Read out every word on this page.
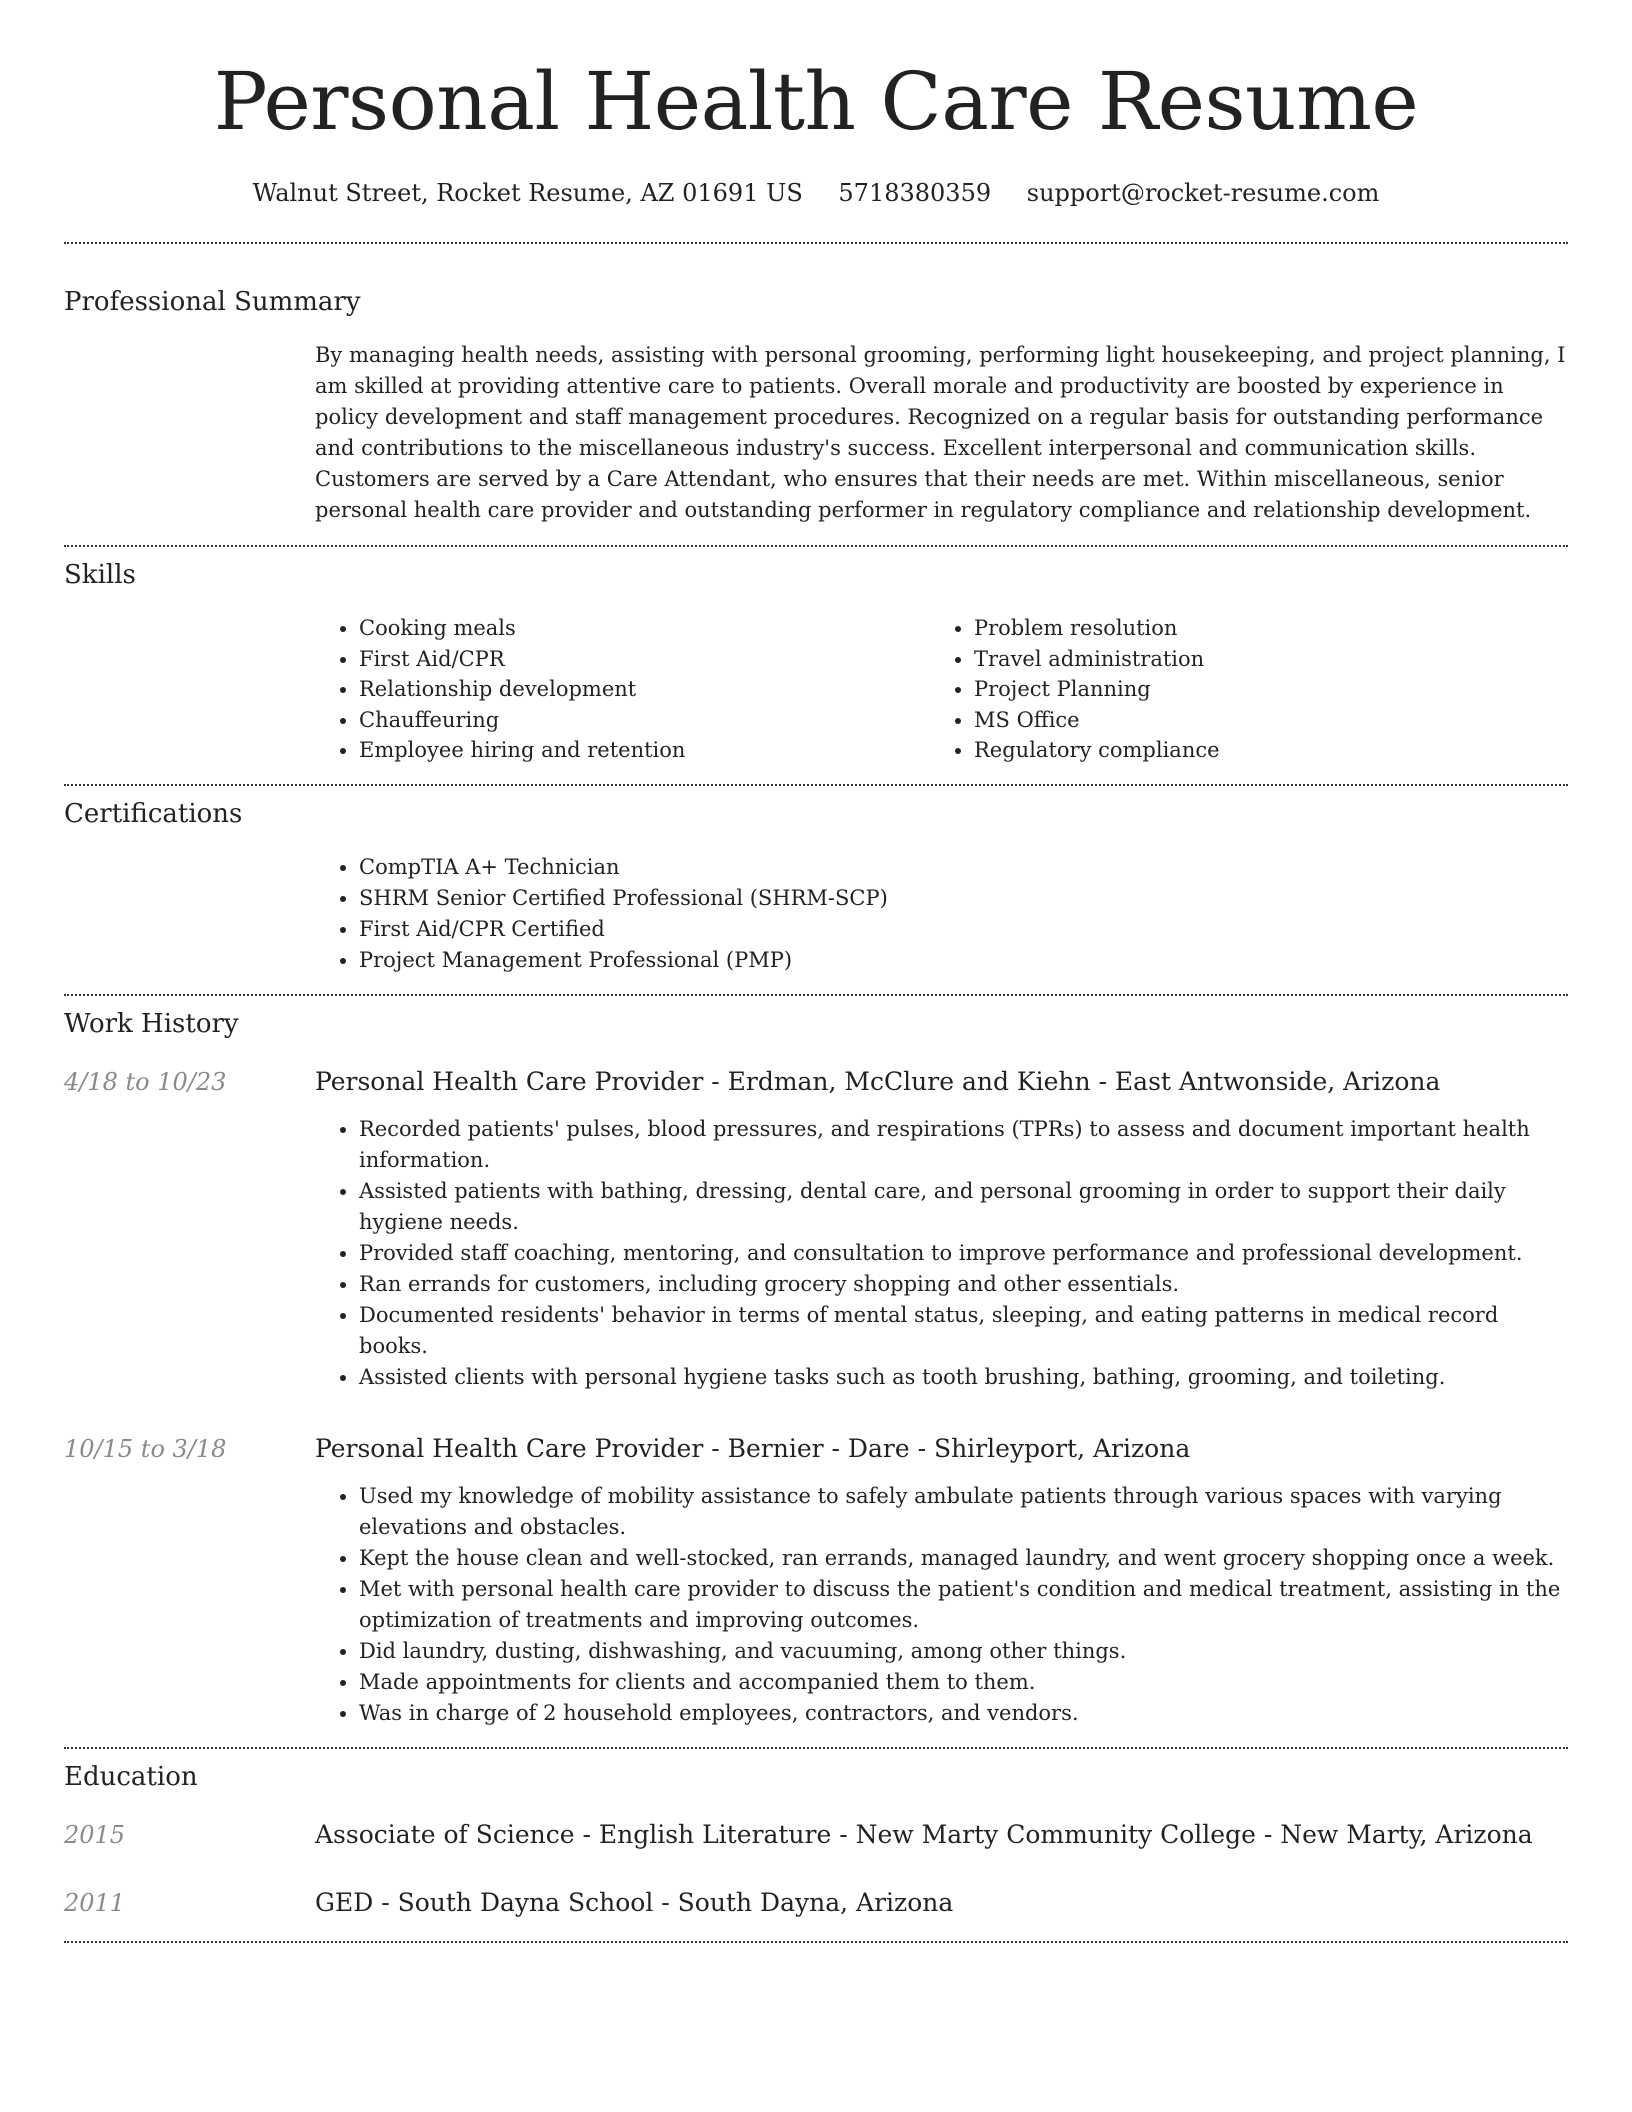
Personal Health Care Resume
Walnut Street, Rocket Resume, AZ 01691 US 5718380359 support@rocket-resume.com
Professional Summary

By managing health needs, assisting with personal grooming, performing light housekeeping, and project planning, I am skilled at providing attentive care to patients. Overall morale and productivity are boosted by experience in policy development and staff management procedures. Recognized on a regular basis for outstanding performance and contributions to the miscellaneous industry's success. Excellent interpersonal and communication skills. Customers are served by a Care Attendant, who ensures that their needs are met. Within miscellaneous, senior personal health care provider and outstanding performer in regulatory compliance and relationship development.

Skills
• Cooking meals
• First Aid/CPR
• Relationship development
• Chauffeuring
• Employee hiring and retention
• Problem resolution
• Travel administration
• Project Planning
• MS Office
• Regulatory compliance
Certifications
• CompTIA A+ Technician
• SHRM Senior Certified Professional (SHRM-SCP)
• First Aid/CPR Certified
• Project Management Professional (PMP)
Work History
4/18 to 10/23	Personal Health Care Provider - Erdman, McClure and Kiehn - East Antwonside, Arizona
• Recorded patients' pulses, blood pressures, and respirations (TPRs) to assess and document important health information.
• Assisted patients with bathing, dressing, dental care, and personal grooming in order to support their daily hygiene needs.
• Provided staff coaching, mentoring, and consultation to improve performance and professional development.
• Ran errands for customers, including grocery shopping and other essentials.
• Documented residents' behavior in terms of mental status, sleeping, and eating patterns in medical record books.
• Assisted clients with personal hygiene tasks such as tooth brushing, bathing, grooming, and toileting.
10/15 to 3/18	Personal Health Care Provider - Bernier - Dare - Shirleyport, Arizona
• Used my knowledge of mobility assistance to safely ambulate patients through various spaces with varying elevations and obstacles.
• Kept the house clean and well-stocked, ran errands, managed laundry, and went grocery shopping once a week.
• Met with personal health care provider to discuss the patient's condition and medical treatment, assisting in the optimization of treatments and improving outcomes.
• Did laundry, dusting, dishwashing, and vacuuming, among other things.
• Made appointments for clients and accompanied them to them.
• Was in charge of 2 household employees, contractors, and vendors.
Education
2015	Associate of Science - English Literature - New Marty Community College - New Marty, Arizona
2011	GED - South Dayna School - South Dayna, Arizona
